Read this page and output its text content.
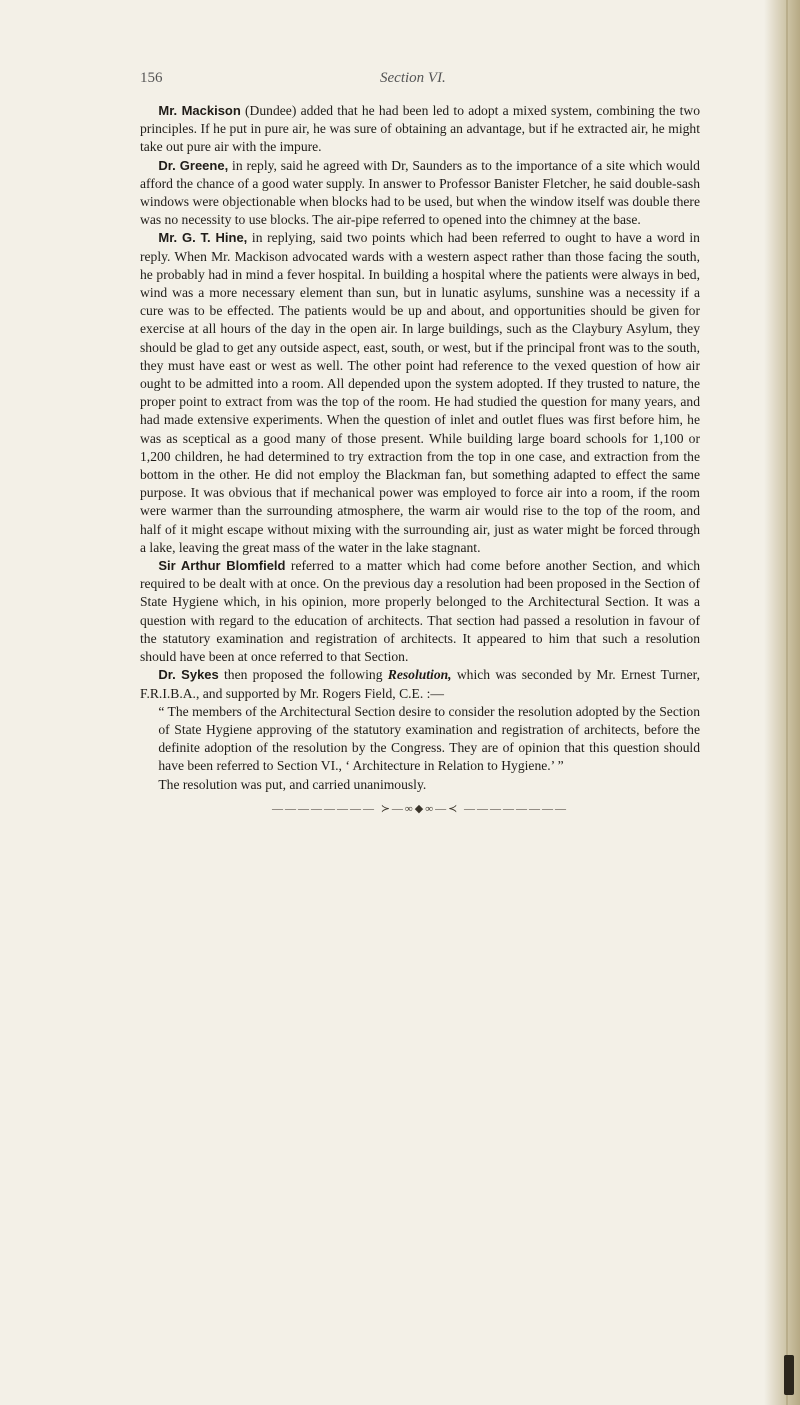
156	Section VI.

Mr. Mackison (Dundee) added that he had been led to adopt a mixed system, combining the two principles. If he put in pure air, he was sure of obtaining an advantage, but if he extracted air, he might take out pure air with the impure.

Dr. Greene, in reply, said he agreed with Dr, Saunders as to the importance of a site which would afford the chance of a good water supply. In answer to Professor Banister Fletcher, he said double-sash windows were objectionable when blocks had to be used, but when the window itself was double there was no necessity to use blocks. The air-pipe referred to opened into the chimney at the base.

Mr. G. T. Hine, in replying, said two points which had been referred to ought to have a word in reply. When Mr. Mackison advocated wards with a western aspect rather than those facing the south, he probably had in mind a fever hospital. In building a hospital where the patients were always in bed, wind was a more necessary element than sun, but in lunatic asylums, sunshine was a necessity if a cure was to be effected. The patients would be up and about, and opportunities should be given for exercise at all hours of the day in the open air. In large buildings, such as the Claybury Asylum, they should be glad to get any outside aspect, east, south, or west, but if the principal front was to the south, they must have east or west as well. The other point had reference to the vexed question of how air ought to be admitted into a room. All depended upon the system adopted. If they trusted to nature, the proper point to extract from was the top of the room. He had studied the question for many years, and had made extensive experiments. When the question of inlet and outlet flues was first before him, he was as sceptical as a good many of those present. While building large board schools for 1,100 or 1,200 children, he had determined to try extraction from the top in one case, and extraction from the bottom in the other. He did not employ the Blackman fan, but something adapted to effect the same purpose. It was obvious that if mechanical power was employed to force air into a room, if the room were warmer than the surrounding atmosphere, the warm air would rise to the top of the room, and half of it might escape without mixing with the surrounding air, just as water might be forced through a lake, leaving the great mass of the water in the lake stagnant.

Sir Arthur Blomfield referred to a matter which had come before another Section, and which required to be dealt with at once. On the previous day a resolution had been proposed in the Section of State Hygiene which, in his opinion, more properly belonged to the Architectural Section. It was a question with regard to the education of architects. That section had passed a resolution in favour of the statutory examination and registration of architects. It appeared to him that such a resolution should have been at once referred to that Section.

Dr. Sykes then proposed the following Resolution, which was seconded by Mr. Ernest Turner, F.R.I.B.A., and supported by Mr. Rogers Field, C.E. :—

“ The members of the Architectural Section desire to consider the resolution adopted by the Section of State Hygiene approving of the statutory examination and registration of architects, before the definite adoption of the resolution by the Congress. They are of opinion that this question should have been referred to Section VI., ‘ Architecture in Relation to Hygiene.’ ”

The resolution was put, and carried unanimously.

———————— ≻—∞◆∞—≺ ————————
